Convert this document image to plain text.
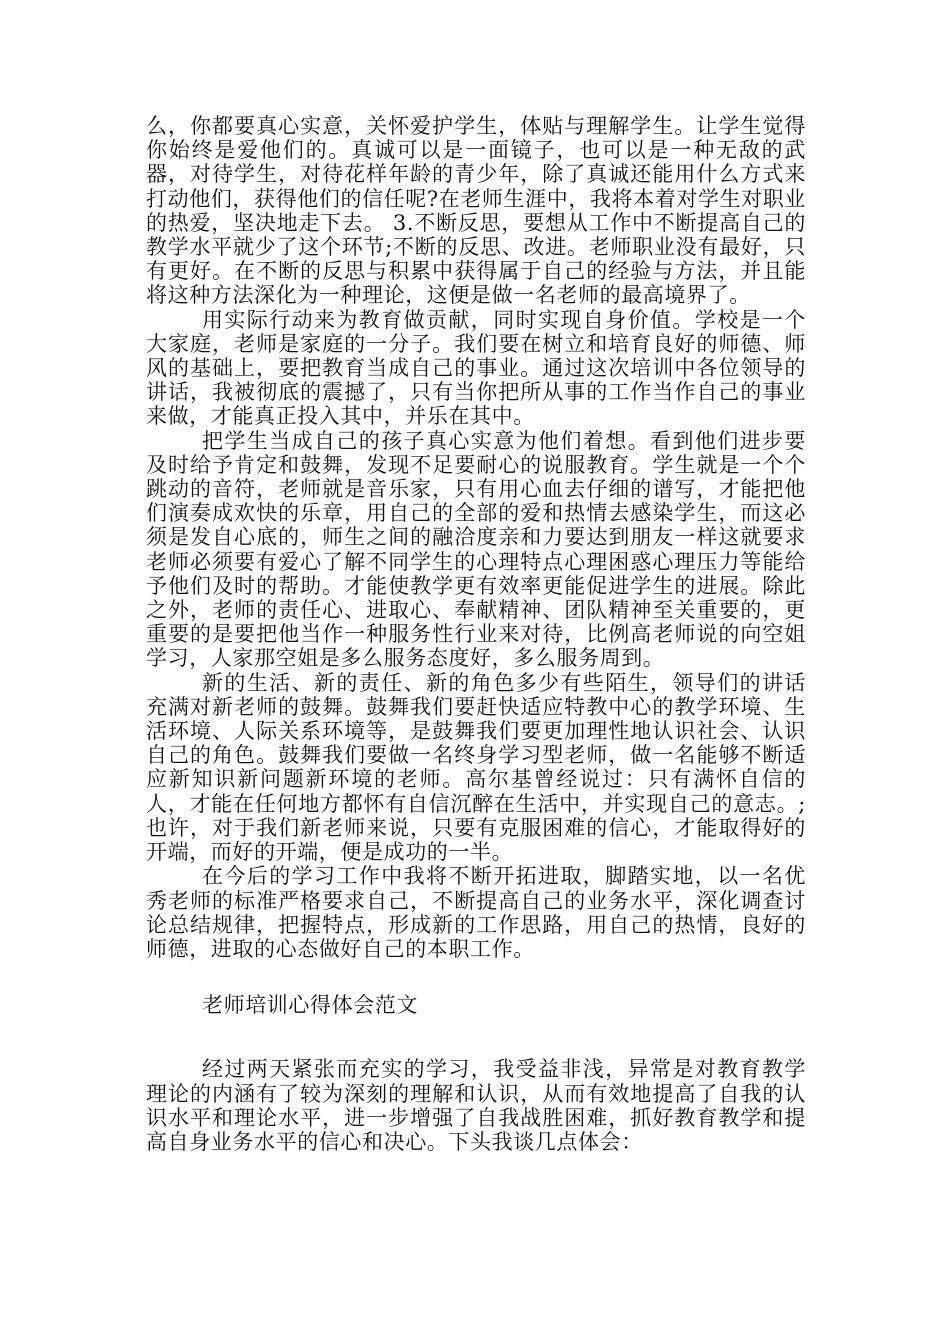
么，你都要真心实意，关怀爱护学生，体贴与理解学生。让学生觉得你始终是爱他们的。真诚可以是一面镜子，也可以是一种无敌的武器，对待学生，对待花样年龄的青少年，除了真诚还能用什么方式来打动他们，获得他们的信任呢?在老师生涯中，我将本着对学生对职业的热爱，坚决地走下去。 3.不断反思，要想从工作中不断提高自己的教学水平就少了这个环节;不断的反思、改进。老师职业没有最好，只有更好。在不断的反思与积累中获得属于自己的经验与方法，并且能将这种方法深化为一种理论，这便是做一名老师的最高境界了。

用实际行动来为教育做贡献，同时实现自身价值。学校是一个大家庭，老师是家庭的一分子。我们要在树立和培育良好的师德、师风的基础上，要把教育当成自己的事业。通过这次培训中各位领导的讲话，我被彻底的震撼了，只有当你把所从事的工作当作自己的事业来做，才能真正投入其中，并乐在其中。

把学生当成自己的孩子真心实意为他们着想。看到他们进步要及时给予肯定和鼓舞，发现不足要耐心的说服教育。学生就是一个个跳动的音符，老师就是音乐家，只有用心血去仔细的谱写，才能把他们演奏成欢快的乐章，用自己的全部的爱和热情去感染学生，而这必须是发自心底的，师生之间的融洽度亲和力要达到朋友一样这就要求老师必须要有爱心了解不同学生的心理特点心理困惑心理压力等能给予他们及时的帮助。才能使教学更有效率更能促进学生的进展。除此之外，老师的责任心、进取心、奉献精神、团队精神至关重要的，更重要的是要把他当作一种服务性行业来对待，比例高老师说的向空姐学习，人家那空姐是多么服务态度好，多么服务周到。

新的生活、新的责任、新的角色多少有些陌生，领导们的讲话充满对新老师的鼓舞。鼓舞我们要赶快适应特教中心的教学环境、生活环境、人际关系环境等，是鼓舞我们要更加理性地认识社会、认识自己的角色。鼓舞我们要做一名终身学习型老师，做一名能够不断适应新知识新问题新环境的老师。高尔基曾经说过：只有满怀自信的人，才能在任何地方都怀有自信沉醉在生活中，并实现自己的意志。;也许，对于我们新老师来说，只要有克服困难的信心，才能取得好的开端，而好的开端，便是成功的一半。

在今后的学习工作中我将不断开拓进取，脚踏实地，以一名优秀老师的标准严格要求自己，不断提高自己的业务水平，深化调查讨论总结规律，把握特点，形成新的工作思路，用自己的热情，良好的师德，进取的心态做好自己的本职工作。

老师培训心得体会范文

经过两天紧张而充实的学习，我受益非浅，异常是对教育教学理论的内涵有了较为深刻的理解和认识，从而有效地提高了自我的认识水平和理论水平，进一步增强了自我战胜困难，抓好教育教学和提高自身业务水平的信心和决心。下头我谈几点体会：
